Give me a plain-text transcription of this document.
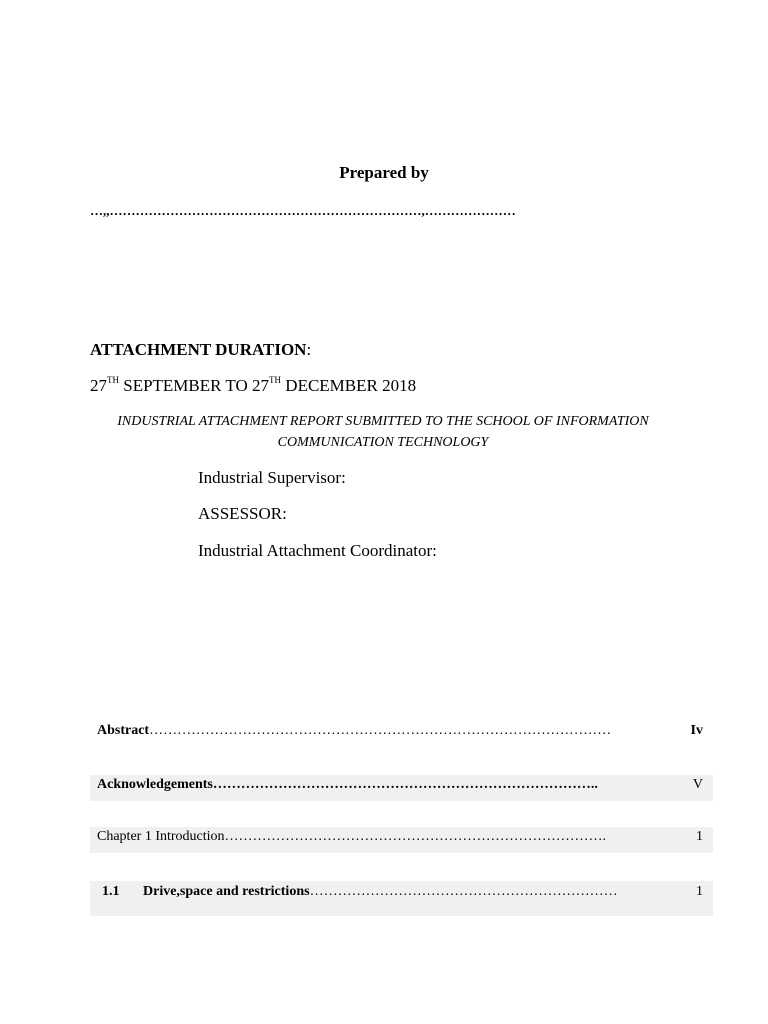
Prepared by
…,,………………………………………………………………,…………………
ATTACHMENT DURATION:
27TH SEPTEMBER TO 27TH DECEMBER 2018
INDUSTRIAL ATTACHMENT REPORT SUBMITTED TO THE SCHOOL OF INFORMATION
COMMUNICATION TECHNOLOGY
Industrial Supervisor:
ASSESSOR:
Industrial Attachment Coordinator:
Abstract………………………………………………………………………………………	Iv
Acknowledgements………………………………………………………………………..	V
Chapter 1 Introduction……………………………………………………………………….	1
1.1 Drive,space and restrictions…………………………………………………………	1
